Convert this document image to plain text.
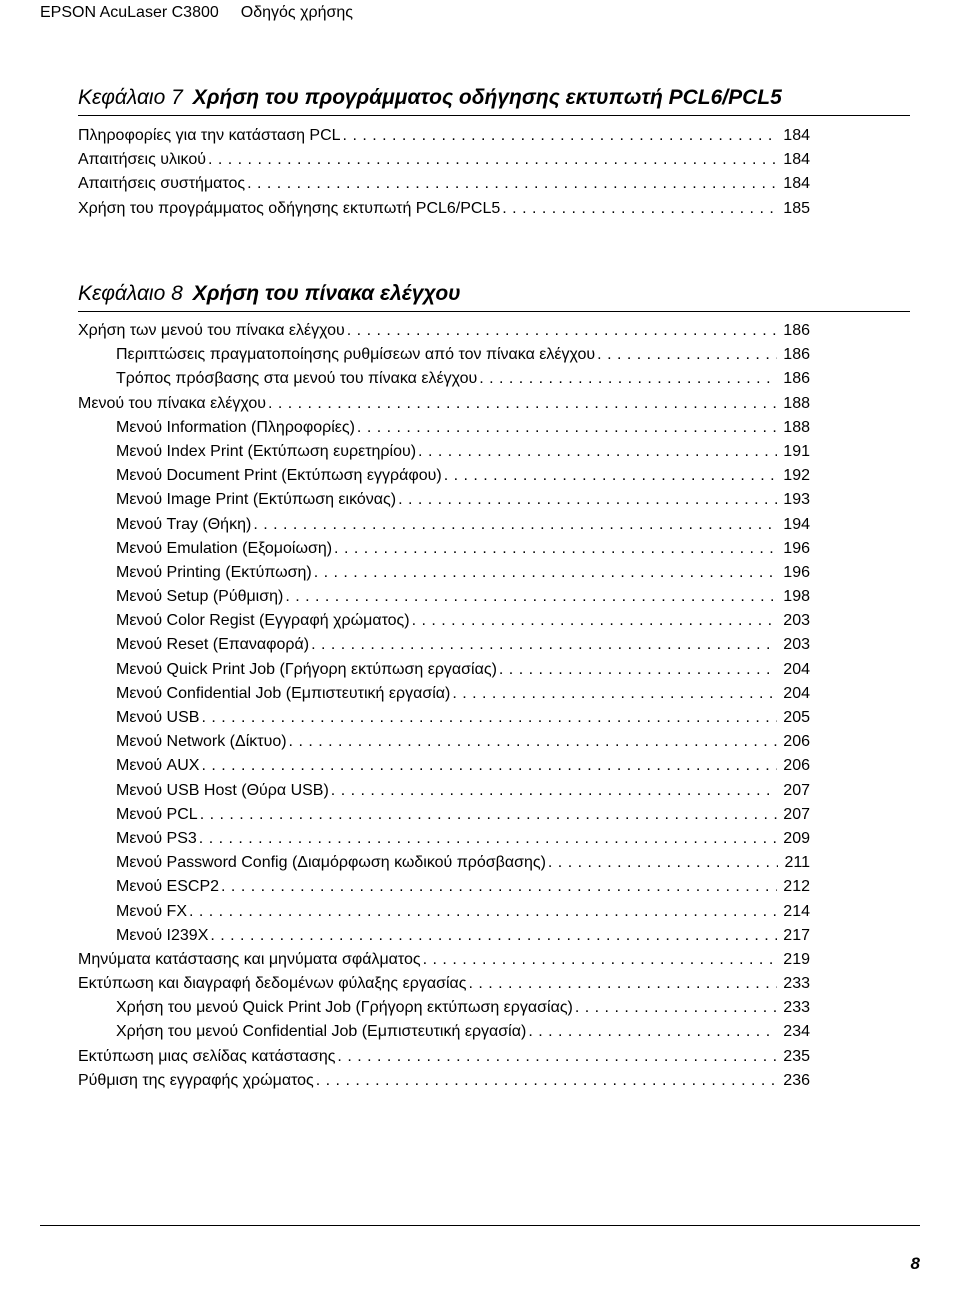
EPSON AcuLaser C3800 Οδηγός χρήσης
Κεφάλαιο 7 Χρήση του προγράμματος οδήγησης εκτυπωτή PCL6/PCL5
Πληροφορίες για την κατάσταση PCL . . .	184
Απαιτήσεις υλικού . . .	184
Απαιτήσεις συστήματος . . .	184
Χρήση του προγράμματος οδήγησης εκτυπωτή PCL6/PCL5 . . .	185
Κεφάλαιο 8 Χρήση του πίνακα ελέγχου
Χρήση των μενού του πίνακα ελέγχου . . .	186
Περιπτώσεις πραγματοποίησης ρυθμίσεων από τον πίνακα ελέγχου . . .	186
Τρόπος πρόσβασης στα μενού του πίνακα ελέγχου . . .	186
Μενού του πίνακα ελέγχου . . .	188
Μενού Information (Πληροφορίες) . . .	188
Μενού Index Print (Εκτύπωση ευρετηρίου) . . .	191
Μενού Document Print (Εκτύπωση εγγράφου) . . .	192
Μενού Image Print (Εκτύπωση εικόνας) . . .	193
Μενού Tray (Θήκη) . . .	194
Μενού Emulation (Εξομοίωση) . . .	196
Μενού Printing (Εκτύπωση) . . .	196
Μενού Setup (Ρύθμιση) . . .	198
Μενού Color Regist (Εγγραφή χρώματος) . . .	203
Μενού Reset (Επαναφορά) . . .	203
Μενού Quick Print Job (Γρήγορη εκτύπωση εργασίας) . . .	204
Μενού Confidential Job (Εμπιστευτική εργασία) . . .	204
Μενού USB . . .	205
Μενού Network (Δίκτυο) . . .	206
Μενού AUX . . .	206
Μενού USB Host (Θύρα USB) . . .	207
Μενού PCL . . .	207
Μενού PS3 . . .	209
Μενού Password Config (Διαμόρφωση κωδικού πρόσβασης) . . .	211
Μενού ESCP2 . . .	212
Μενού FX . . .	214
Μενού I239X . . .	217
Μηνύματα κατάστασης και μηνύματα σφάλματος . . .	219
Εκτύπωση και διαγραφή δεδομένων φύλαξης εργασίας . . .	233
Χρήση του μενού Quick Print Job (Γρήγορη εκτύπωση εργασίας) . . .	233
Χρήση του μενού Confidential Job (Εμπιστευτική εργασία) . . .	234
Εκτύπωση μιας σελίδας κατάστασης . . .	235
Ρύθμιση της εγγραφής χρώματος . . .	236
8
